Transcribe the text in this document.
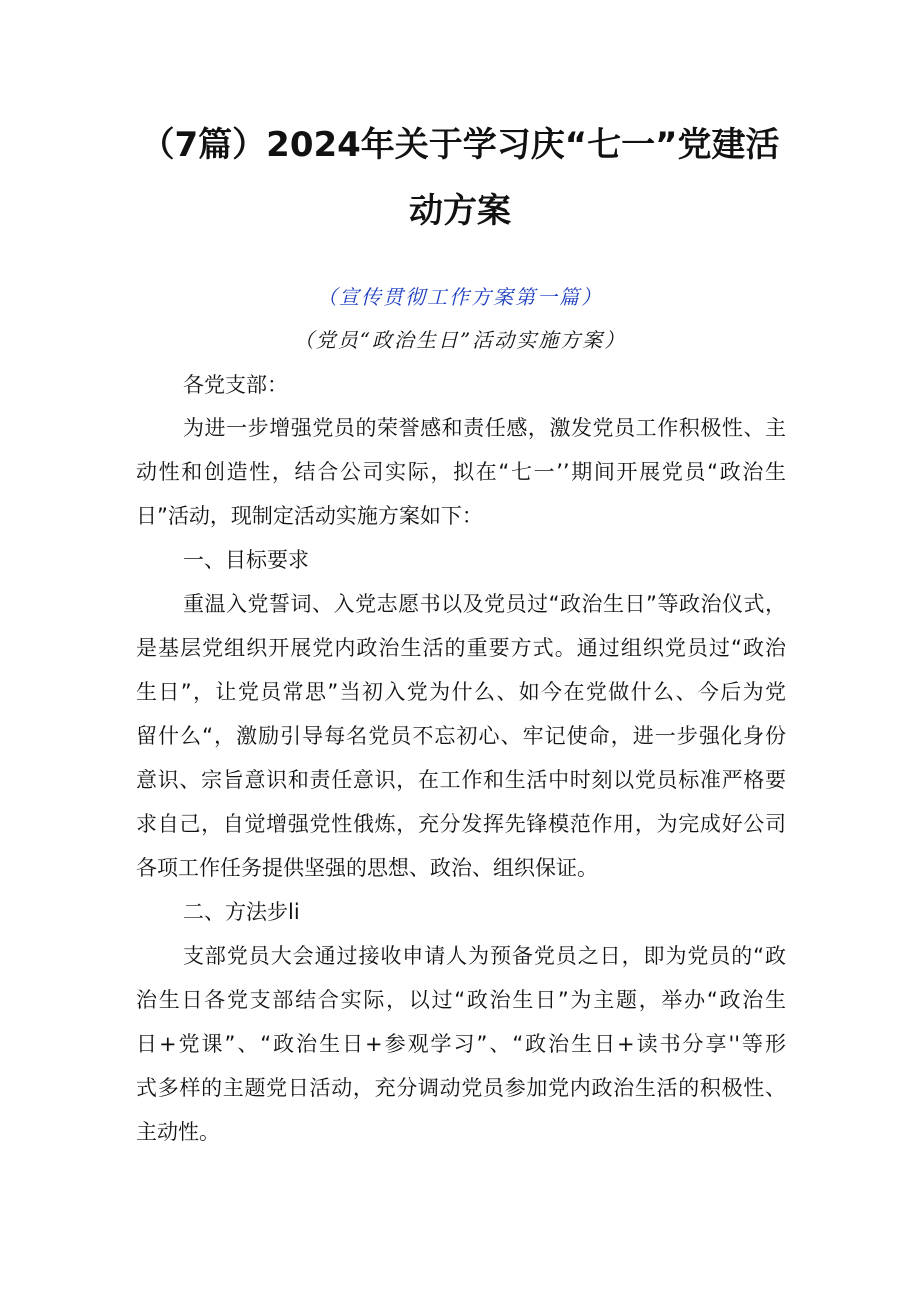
（7篇）2024年关于学习庆“七一”党建活
动方案
（宣传贯彻工作方案第一篇）
（党员“政治生日”活动实施方案）
各党支部：
为进一步增强党员的荣誉感和责任感，激发党员工作积极性、主
动性和创造性，结合公司实际，拟在“七一’’期间开展党员“政治生
日”活动，现制定活动实施方案如下：
一、目标要求
重温入党誓词、入党志愿书以及党员过“政治生日”等政治仪式，
是基层党组织开展党内政治生活的重要方式。通过组织党员过“政治
生日”，让党员常思”当初入党为什么、如今在党做什么、今后为党
留什么“，激励引导每名党员不忘初心、牢记使命，进一步强化身份
意识、宗旨意识和责任意识，在工作和生活中时刻以党员标准严格要
求自己，自觉增强党性俄炼，充分发挥先锋模范作用，为完成好公司
各项工作任务提供坚强的思想、政治、组织保证。
二、方法步li
支部党员大会通过接收申请人为预备党员之日，即为党员的“政
治生日各党支部结合实际，以过“政治生日”为主题，举办“政治生
日+党课”、“政治生日+参观学习”、“政治生日+读书分享''等形
式多样的主题党日活动，充分调动党员参加党内政治生活的积极性、
主动性。
